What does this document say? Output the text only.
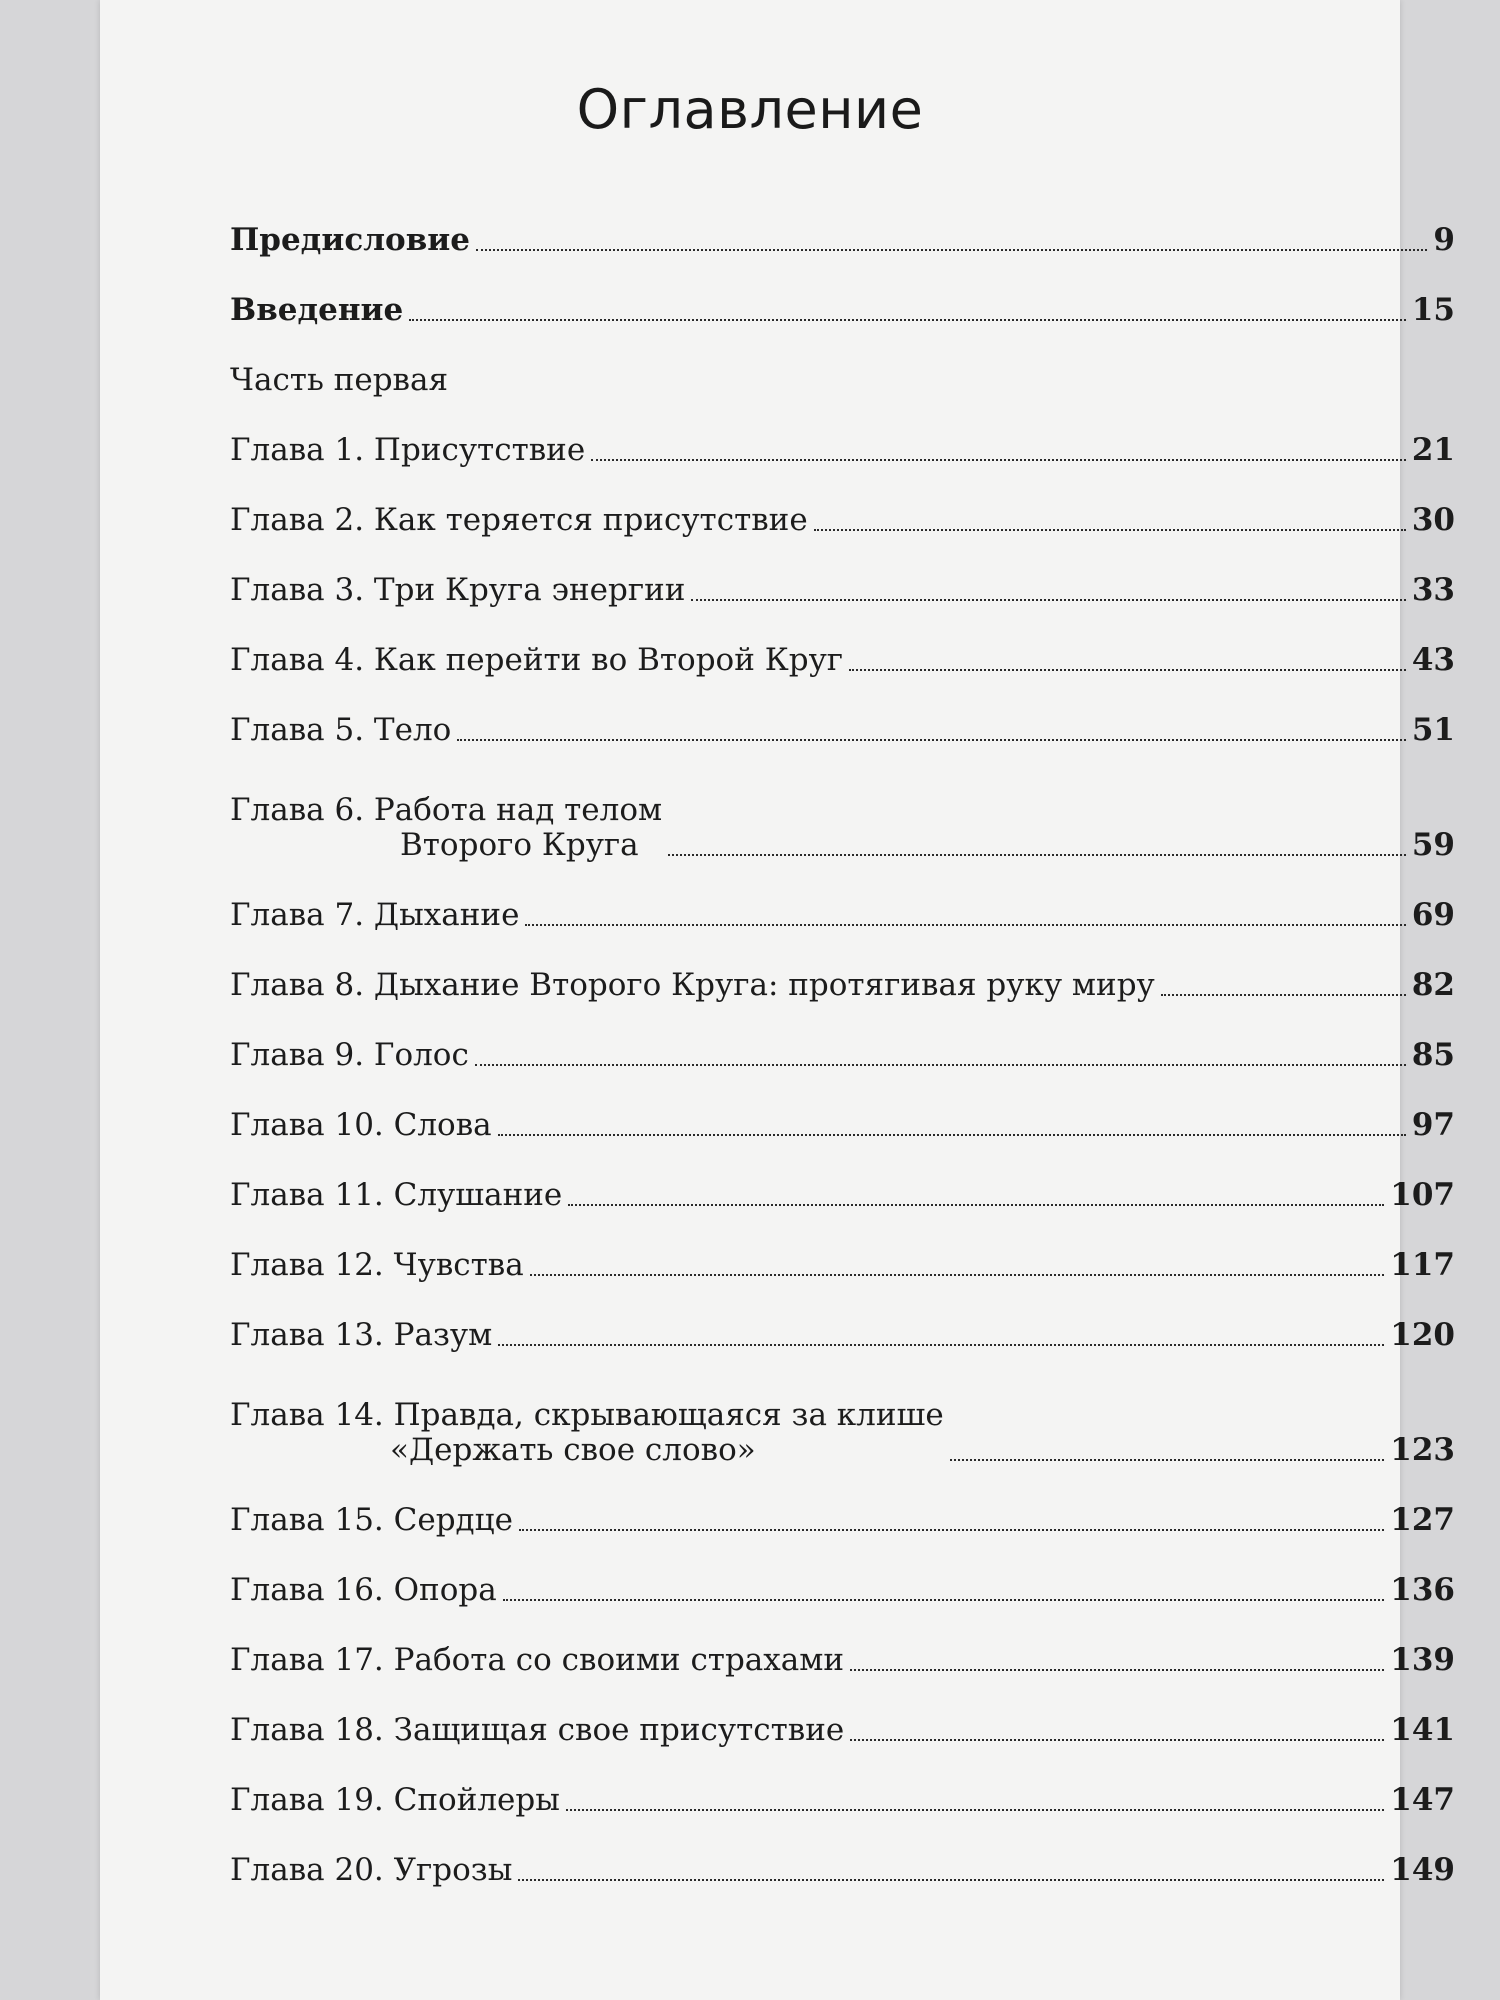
Оглавление
Предисловие	9
Введение	15
Часть первая
Глава 1. Присутствие	21
Глава 2. Как теряется присутствие	30
Глава 3. Три Круга энергии	33
Глава 4. Как перейти во Второй Круг	43
Глава 5. Тело	51
Глава 6. Работа над телом
Второго Круга	59
Глава 7. Дыхание	69
Глава 8. Дыхание Второго Круга: протягивая руку миру	82
Глава 9. Голос	85
Глава 10. Слова	97
Глава 11. Слушание	107
Глава 12. Чувства	117
Глава 13. Разум	120
Глава 14. Правда, скрывающаяся за клише
«Держать свое слово»	123
Глава 15. Сердце	127
Глава 16. Опора	136
Глава 17. Работа со своими страхами	139
Глава 18. Защищая свое присутствие	141
Глава 19. Спойлеры	147
Глава 20. Угрозы	149
